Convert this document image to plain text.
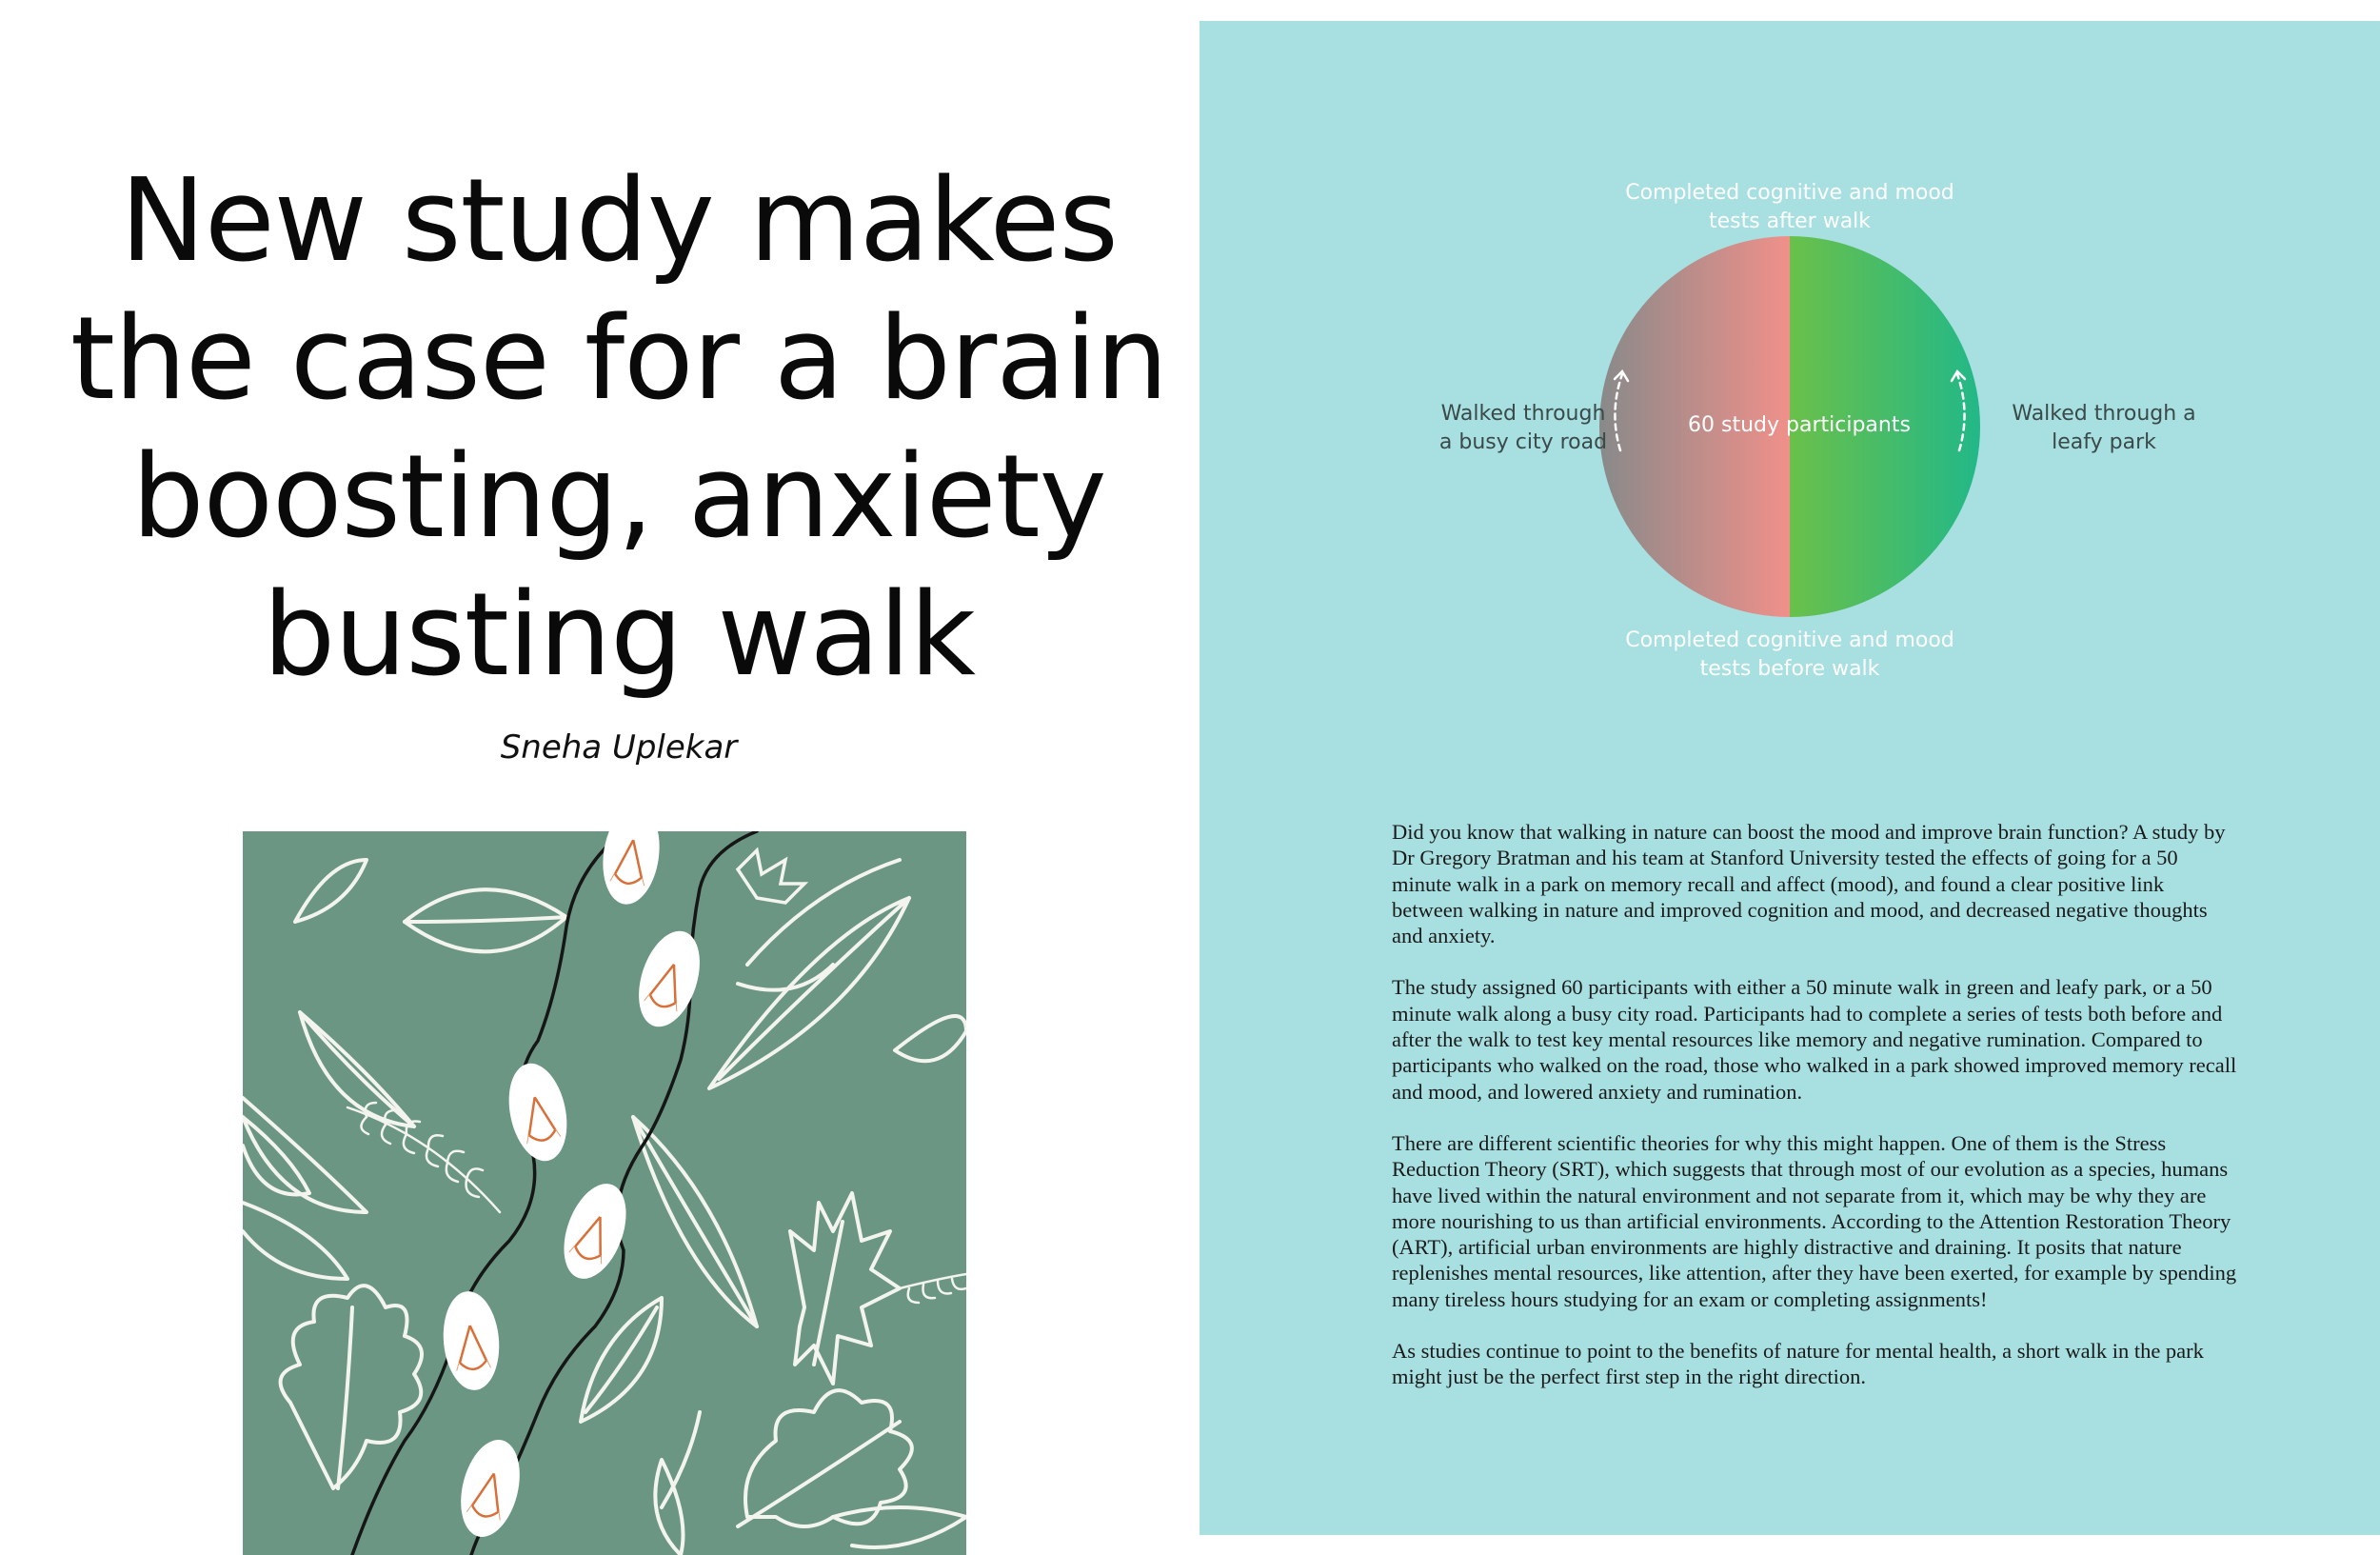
New study makes
the case for a brain
boosting, anxiety
busting walk
Sneha Uplekar
Completed cognitive and mood
tests after walk
Completed cognitive and mood
tests before walk
Walked through
a busy city road
Walked through a
leafy park
60 study participants

Did you know that walking in nature can boost the mood and improve brain function? A study by Dr Gregory Bratman and his team at Stanford University tested the effects of going for a 50 minute walk in a park on memory recall and affect (mood), and found a clear positive link between walking in nature and improved cognition and mood, and decreased negative thoughts and anxiety.

The study assigned 60 participants with either a 50 minute walk in green and leafy park, or a 50 minute walk along a busy city road. Participants had to complete a series of tests both before and after the walk to test key mental resources like memory and negative rumination. Compared to participants who walked on the road, those who walked in a park showed improved memory recall and mood, and lowered anxiety and rumination.

There are different scientific theories for why this might happen. One of them is the Stress Reduction Theory (SRT), which suggests that through most of our evolution as a species, humans have lived within the natural environment and not separate from it, which may be why they are more nourishing to us than artificial environments. According to the Attention Restoration Theory (ART), artificial urban environments are highly distractive and draining. It posits that nature replenishes mental resources, like attention, after they have been exerted, for example by spending many tireless hours studying for an exam or completing assignments!

As studies continue to point to the benefits of nature for mental health, a short walk in the park might just be the perfect first step in the right direction.
